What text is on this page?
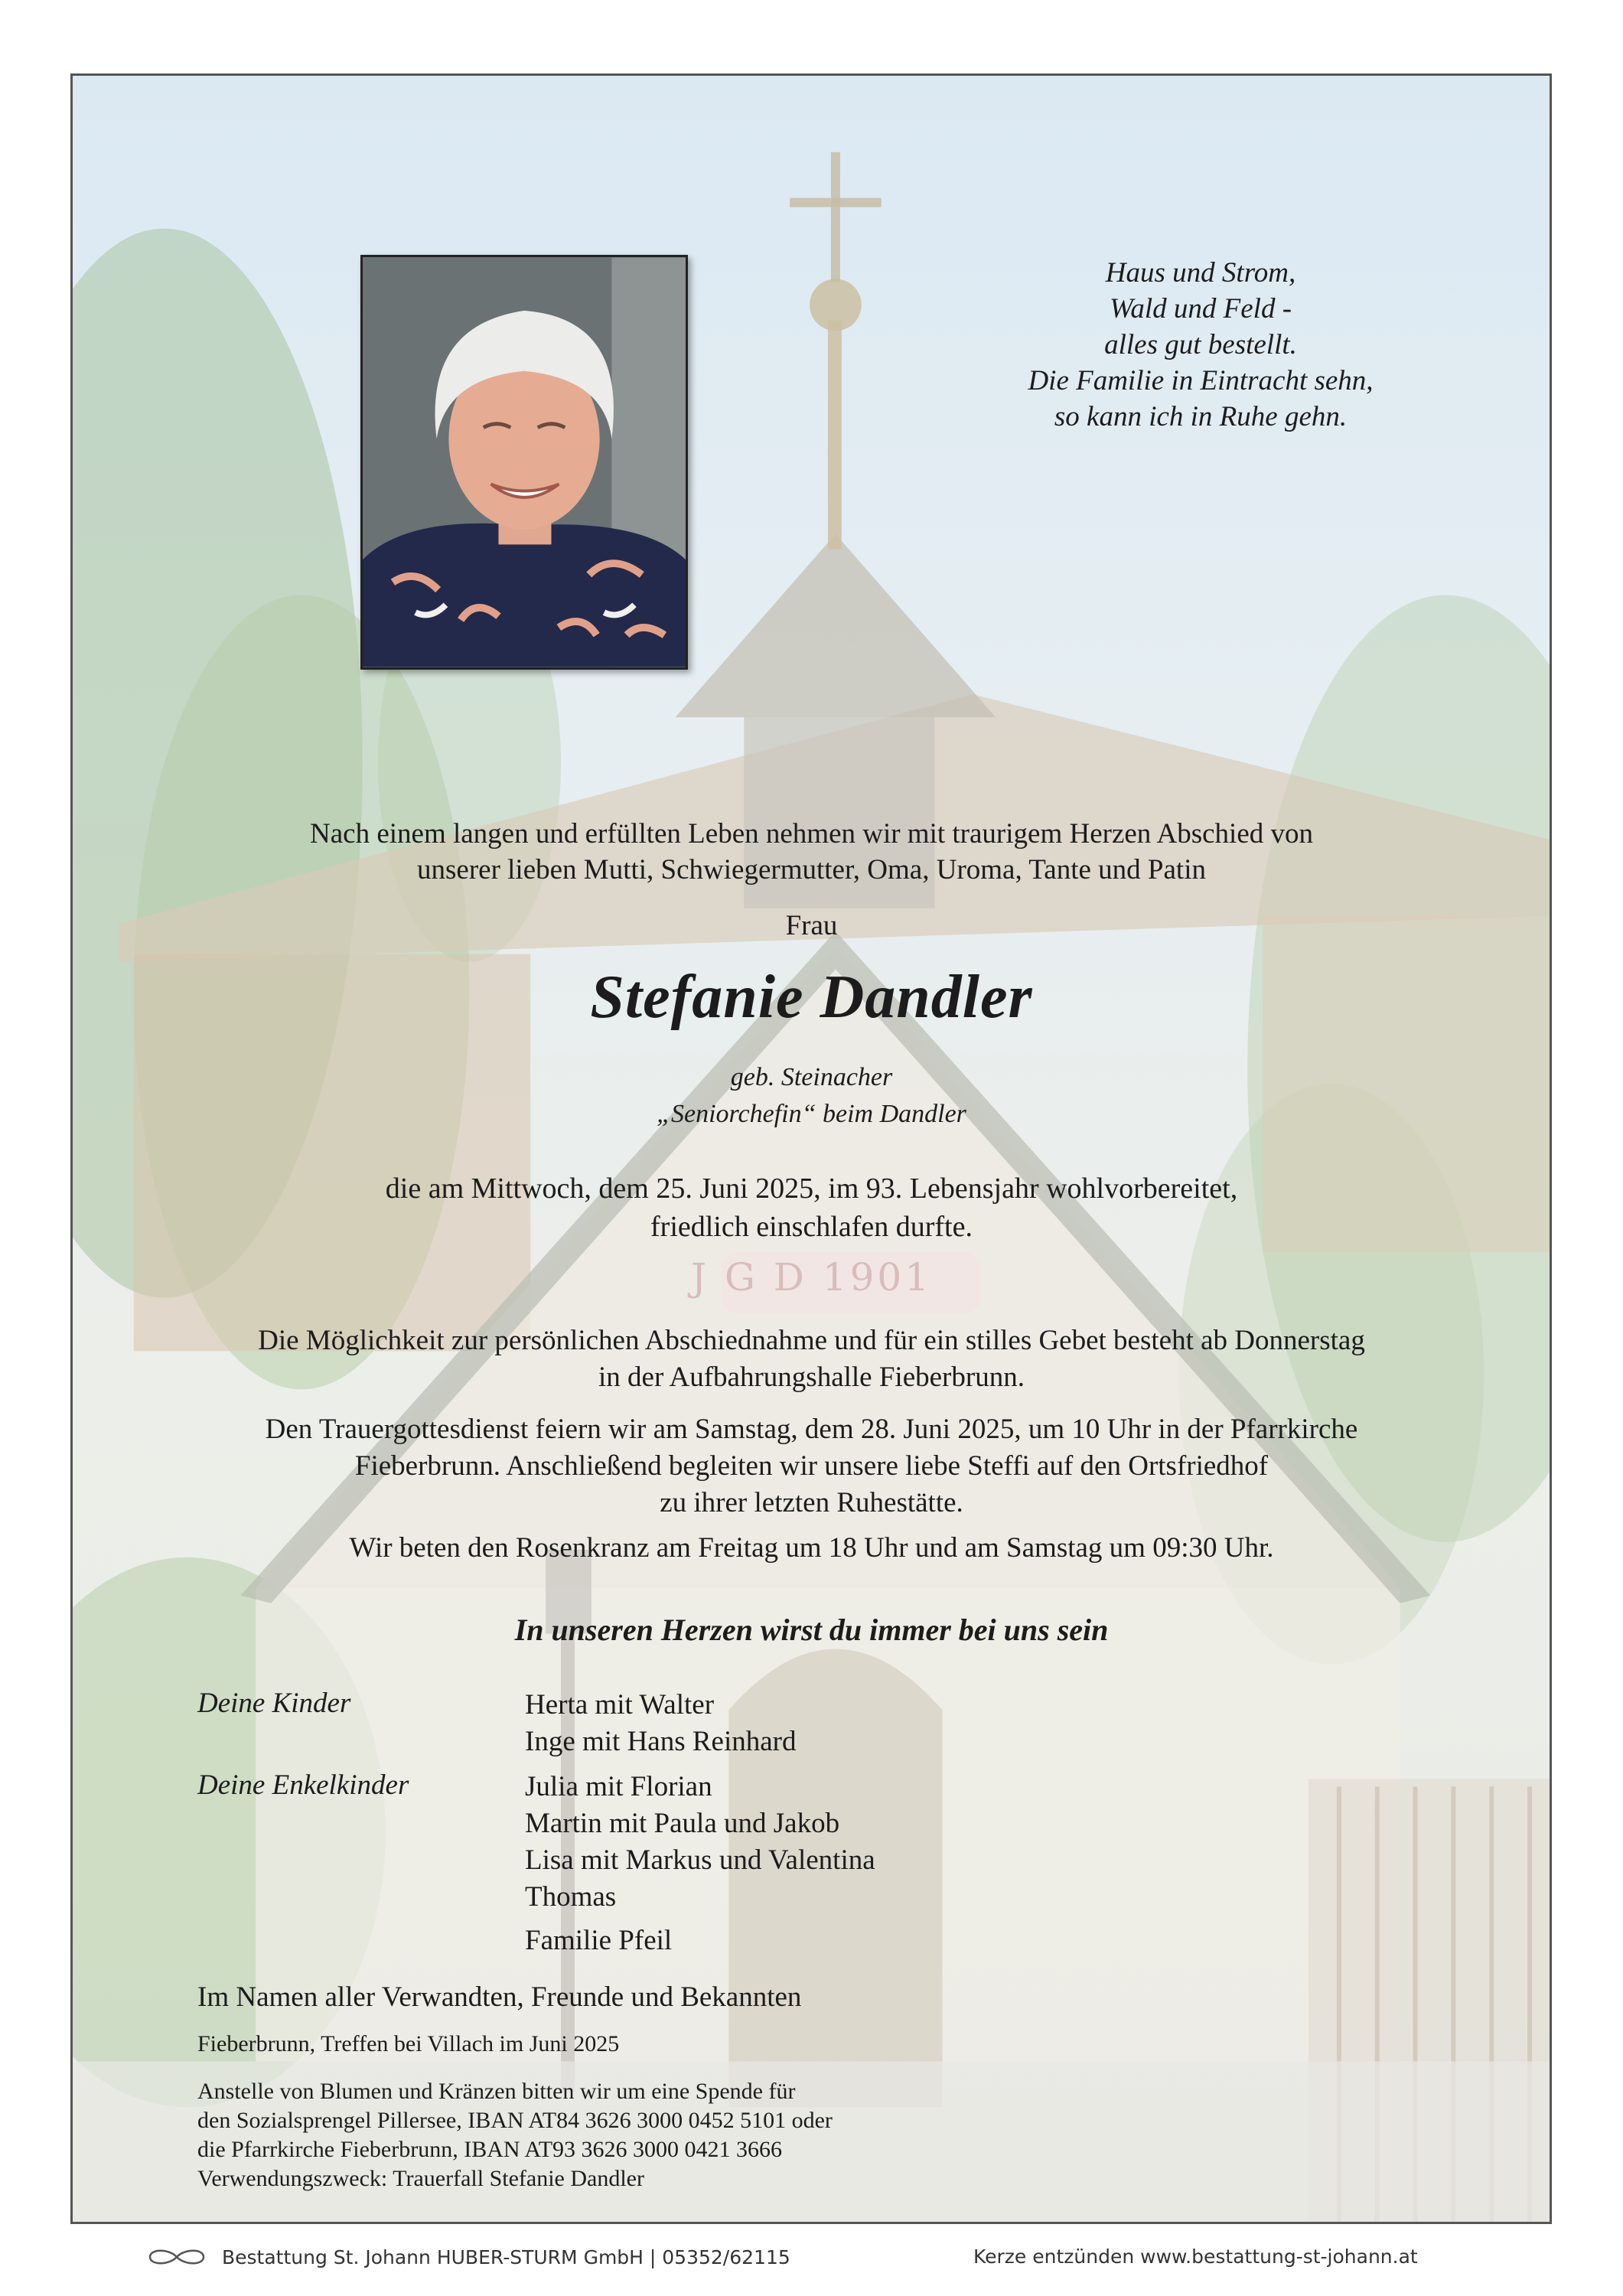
Haus und Strom,
Wald und Feld -
alles gut bestellt.
Die Familie in Eintracht sehn,
so kann ich in Ruhe gehn.
Nach einem langen und erfüllten Leben nehmen wir mit traurigem Herzen Abschied von
unserer lieben Mutti, Schwiegermutter, Oma, Uroma, Tante und Patin
Frau
Stefanie Dandler
geb. Steinacher
„Seniorchefin“ beim Dandler
die am Mittwoch, dem 25. Juni 2025, im 93. Lebensjahr wohlvorbereitet,
friedlich einschlafen durfte.
J G D 1901
Die Möglichkeit zur persönlichen Abschiednahme und für ein stilles Gebet besteht ab Donnerstag
in der Aufbahrungshalle Fieberbrunn.
Den Trauergottesdienst feiern wir am Samstag, dem 28. Juni 2025, um 10 Uhr in der Pfarrkirche
Fieberbrunn. Anschließend begleiten wir unsere liebe Steffi auf den Ortsfriedhof
zu ihrer letzten Ruhestätte.
Wir beten den Rosenkranz am Freitag um 18 Uhr und am Samstag um 09:30 Uhr.
In unseren Herzen wirst du immer bei uns sein
Deine Kinder	Herta mit Walter
Inge mit Hans Reinhard
Deine Enkelkinder	Julia mit Florian
Martin mit Paula und Jakob
Lisa mit Markus und Valentina
Thomas
Familie Pfeil
Im Namen aller Verwandten, Freunde und Bekannten
Fieberbrunn, Treffen bei Villach im Juni 2025
Anstelle von Blumen und Kränzen bitten wir um eine Spende für
den Sozialsprengel Pillersee, IBAN AT84 3626 3000 0452 5101 oder
die Pfarrkirche Fieberbrunn, IBAN AT93 3626 3000 0421 3666
Verwendungszweck: Trauerfall Stefanie Dandler
Bestattung St. Johann HUBER-STURM GmbH | 05352/62115	Kerze entzünden www.bestattung-st-johann.at
